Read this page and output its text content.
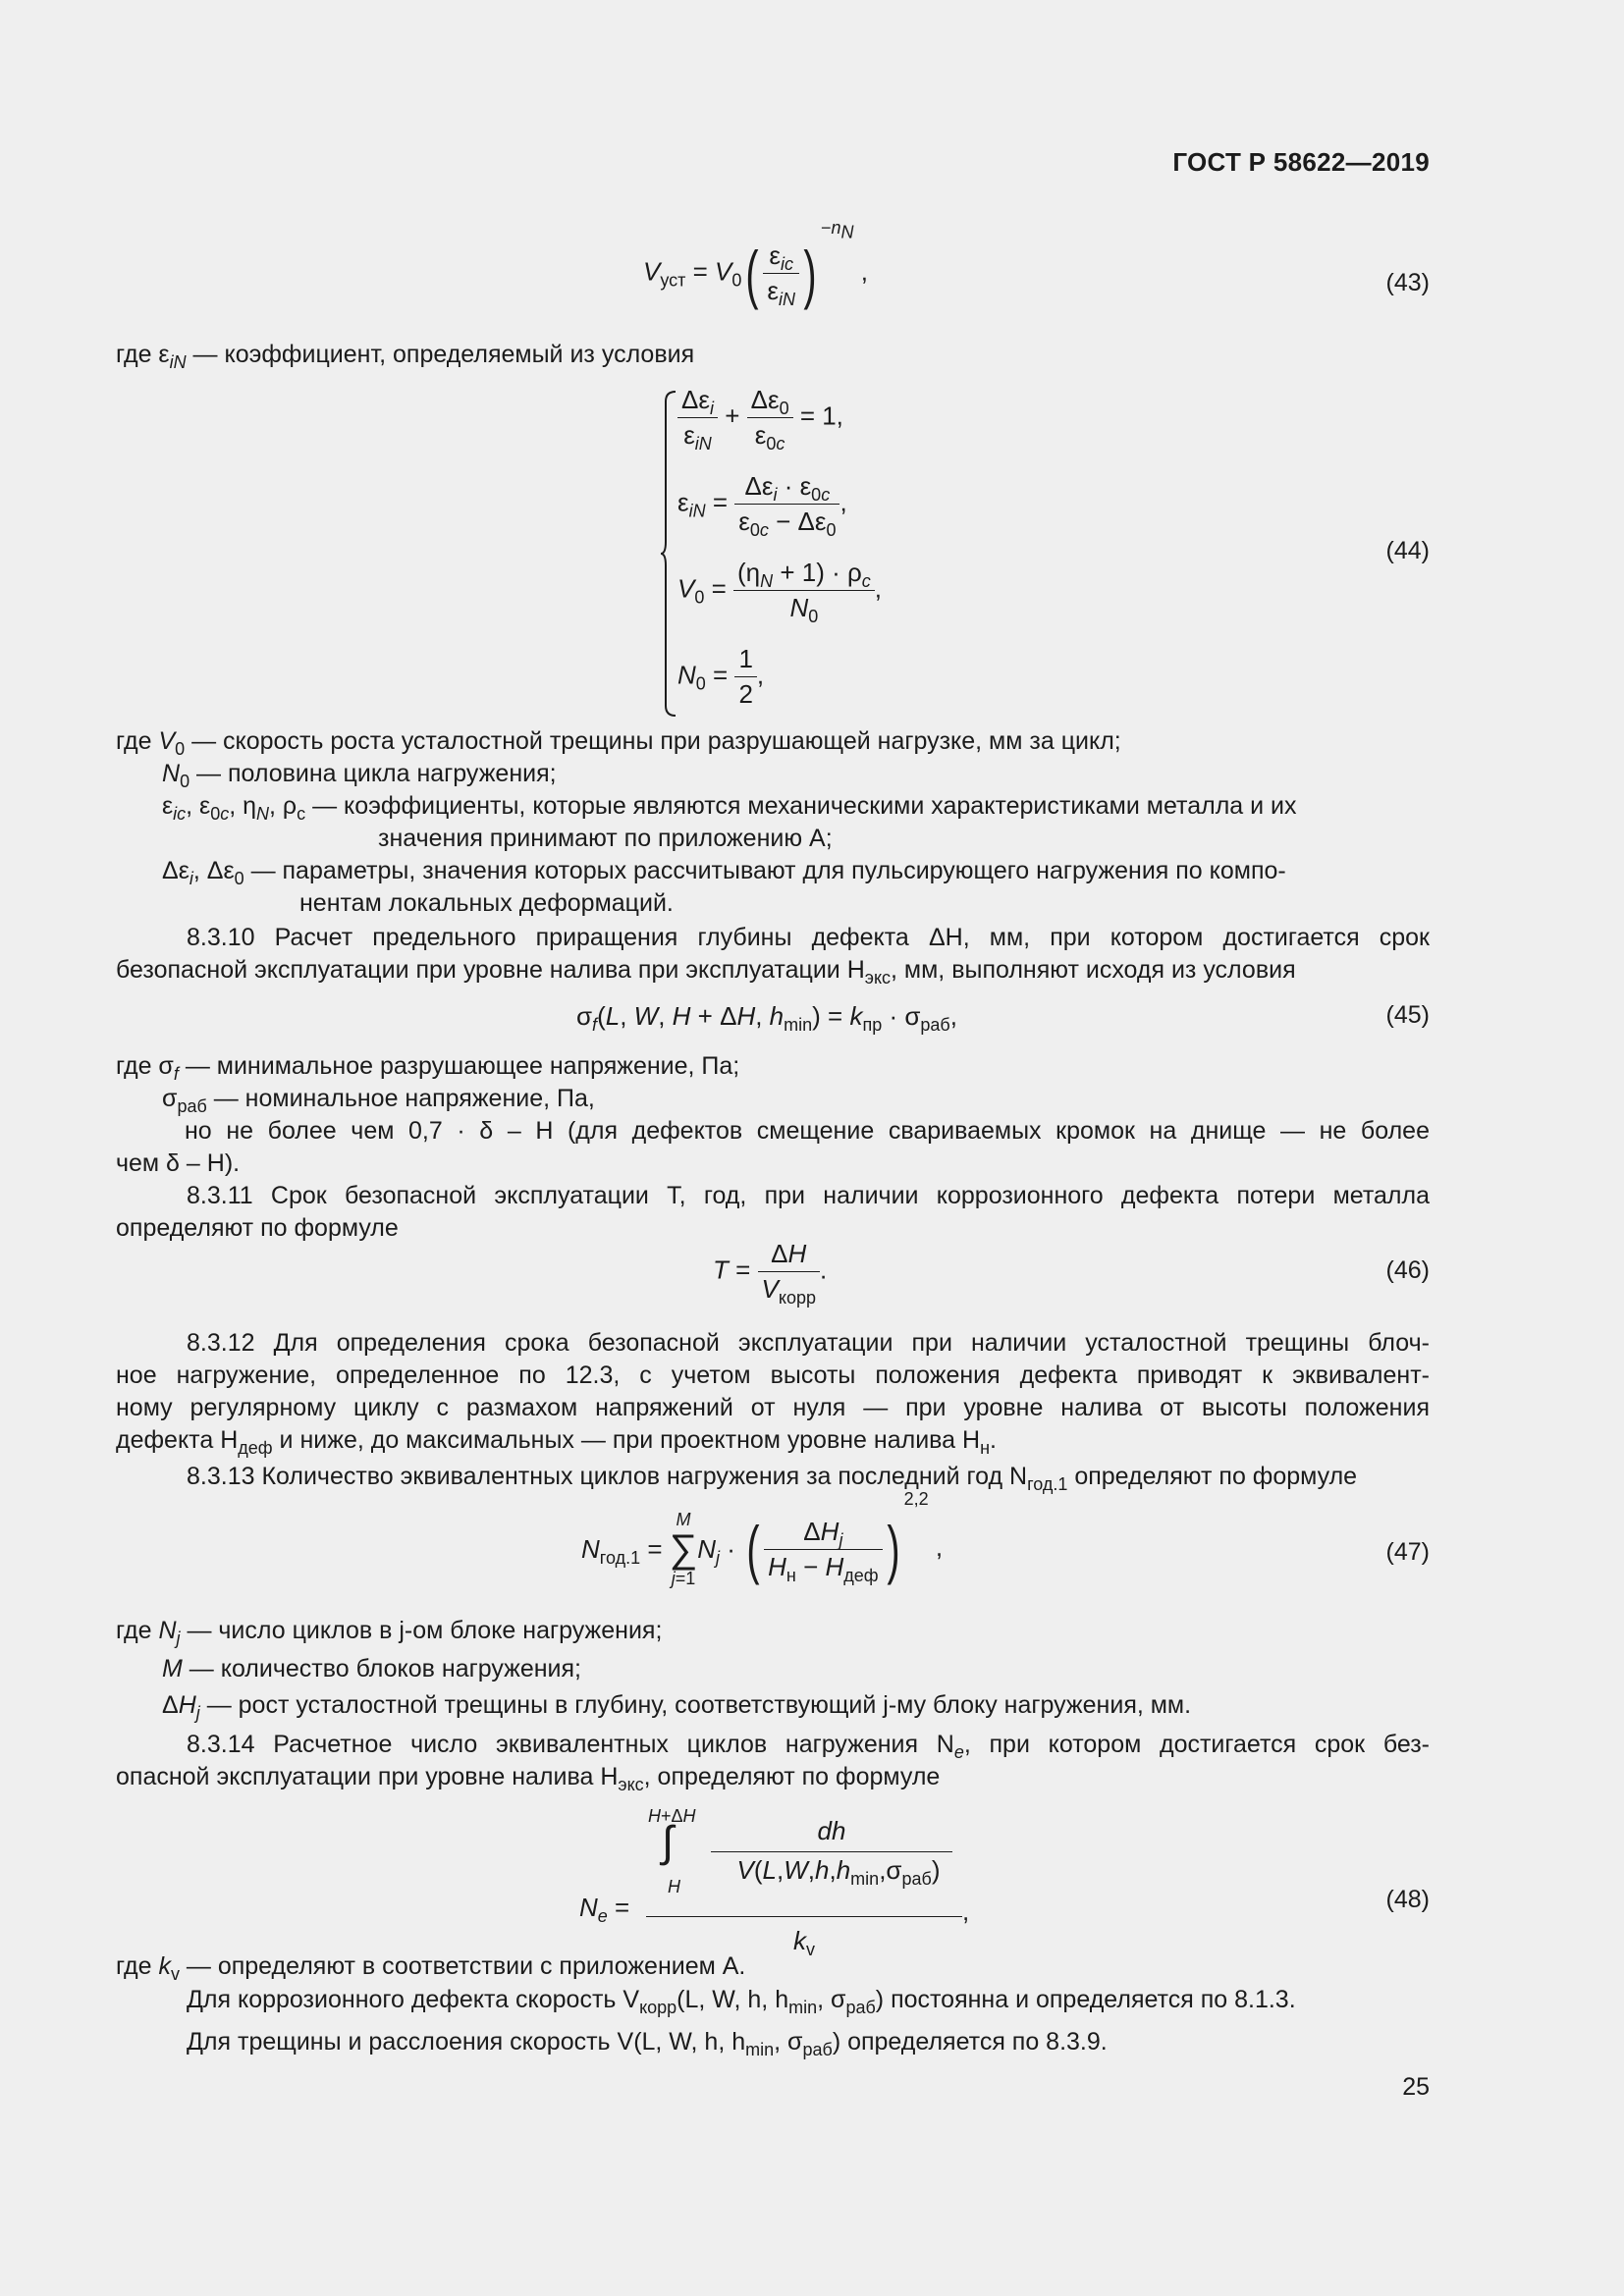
ГОСТ Р 58622—2019
$V_{уст} = V_0( \frac{\varepsilon_{ic}}{\varepsilon_{iN}} )^{-n_N}$ ,	(43)
где $\varepsilon_{iN}$ — коэффициент, определяемый из условия
$\frac{\Delta\varepsilon_i}{\varepsilon_{iN}} + \frac{\Delta\varepsilon_0}{\varepsilon_{0c}} = 1$,
$\varepsilon_{iN} = \frac{\Delta\varepsilon_i \cdot \varepsilon_{0c}}{\varepsilon_{0c} - \Delta\varepsilon_0}$ ,
$V_0 = \frac{(\eta_N + 1) \cdot \rho_c}{N_0}$ ,
$N_0 = \frac{1}{2}$ ,
(44)
где $V_0$ — скорость роста усталостной трещины при разрушающей нагрузке, мм за цикл;
$N_0$ — половина цикла нагружения;
$\varepsilon_{ic}$, $\varepsilon_{0c}$, $\eta_N$, $\rho_c$ — коэффициенты, которые являются механическими характеристиками металла и их
значения принимают по приложению А;
$\Delta\varepsilon_i$, $\Delta\varepsilon_0$ — параметры, значения которых рассчитывают для пульсирующего нагружения по компо-
нентам локальных деформаций.
8.3.10 Расчет предельного приращения глубины дефекта ΔH, мм, при котором достигается срок
безопасной эксплуатации при уровне налива при эксплуатации $H_{экс}$, мм, выполняют исходя из условия
$\sigma_f(L$, W, H + ΔH, $h_{min}) = k_{пр} \cdot \sigma_{раб}$,	(45)
где $\sigma_f$ — минимальное разрушающее напряжение, Па;
$\sigma_{раб}$ — номинальное напряжение, Па,
но не более чем 0,7 · δ – H (для дефектов смещение свариваемых кромок на днище — не более
чем δ – H).
8.3.11 Срок безопасной эксплуатации T, год, при наличии коррозионного дефекта потери металла
определяют по формуле
$T = \frac{\Delta H}{V_{корр}}$ .	(46)
8.3.12 Для определения срока безопасной эксплуатации при наличии усталостной трещины блоч-
ное нагружение, определенное по 12.3, с учетом высоты положения дефекта приводят к эквивалент-
ному регулярному циклу с размахом напряжений от нуля — при уровне налива от высоты положения
дефекта $H_{деф}$ и ниже, до максимальных — при проектном уровне налива $H_н$.
8.3.13 Количество эквивалентных циклов нагружения за последний год $N_{год.1}$ определяют по формуле
$N_{год.1} = M$
∑
$j=1N_j$ · ( $\frac{\Delta H_j}{H_н - H_{деф}} )^{2,2}$ ,	(47)
где $N_j$ — число циклов в j-ом блоке нагружения;
M — количество блоков нагружения;
$\Delta H_j$ — рост усталостной трещины в глубину, соответствующий j-му блоку нагружения, мм.
8.3.14 Расчетное число эквивалентных циклов нагружения $N_e$, при котором достигается срок без-
опасной эксплуатации при уровне налива $H_{экс}$, определяют по формуле
$N_e$ =
H+ΔH
∫
H
dh
$V(L,W,h,h_{min},\sigma_{раб})$
,
$k_v$
(48)
где $k_v$ — определяют в соответствии с приложением А.
Для коррозионного дефекта скорость $V_{корр}(L$, W, h, $h_{min}$, $\sigma_{раб}$) постоянна и определяется по 8.1.3.
Для трещины и расслоения скорость V(L, W, h, $h_{min}$, $\sigma_{раб}$) определяется по 8.3.9.
25
